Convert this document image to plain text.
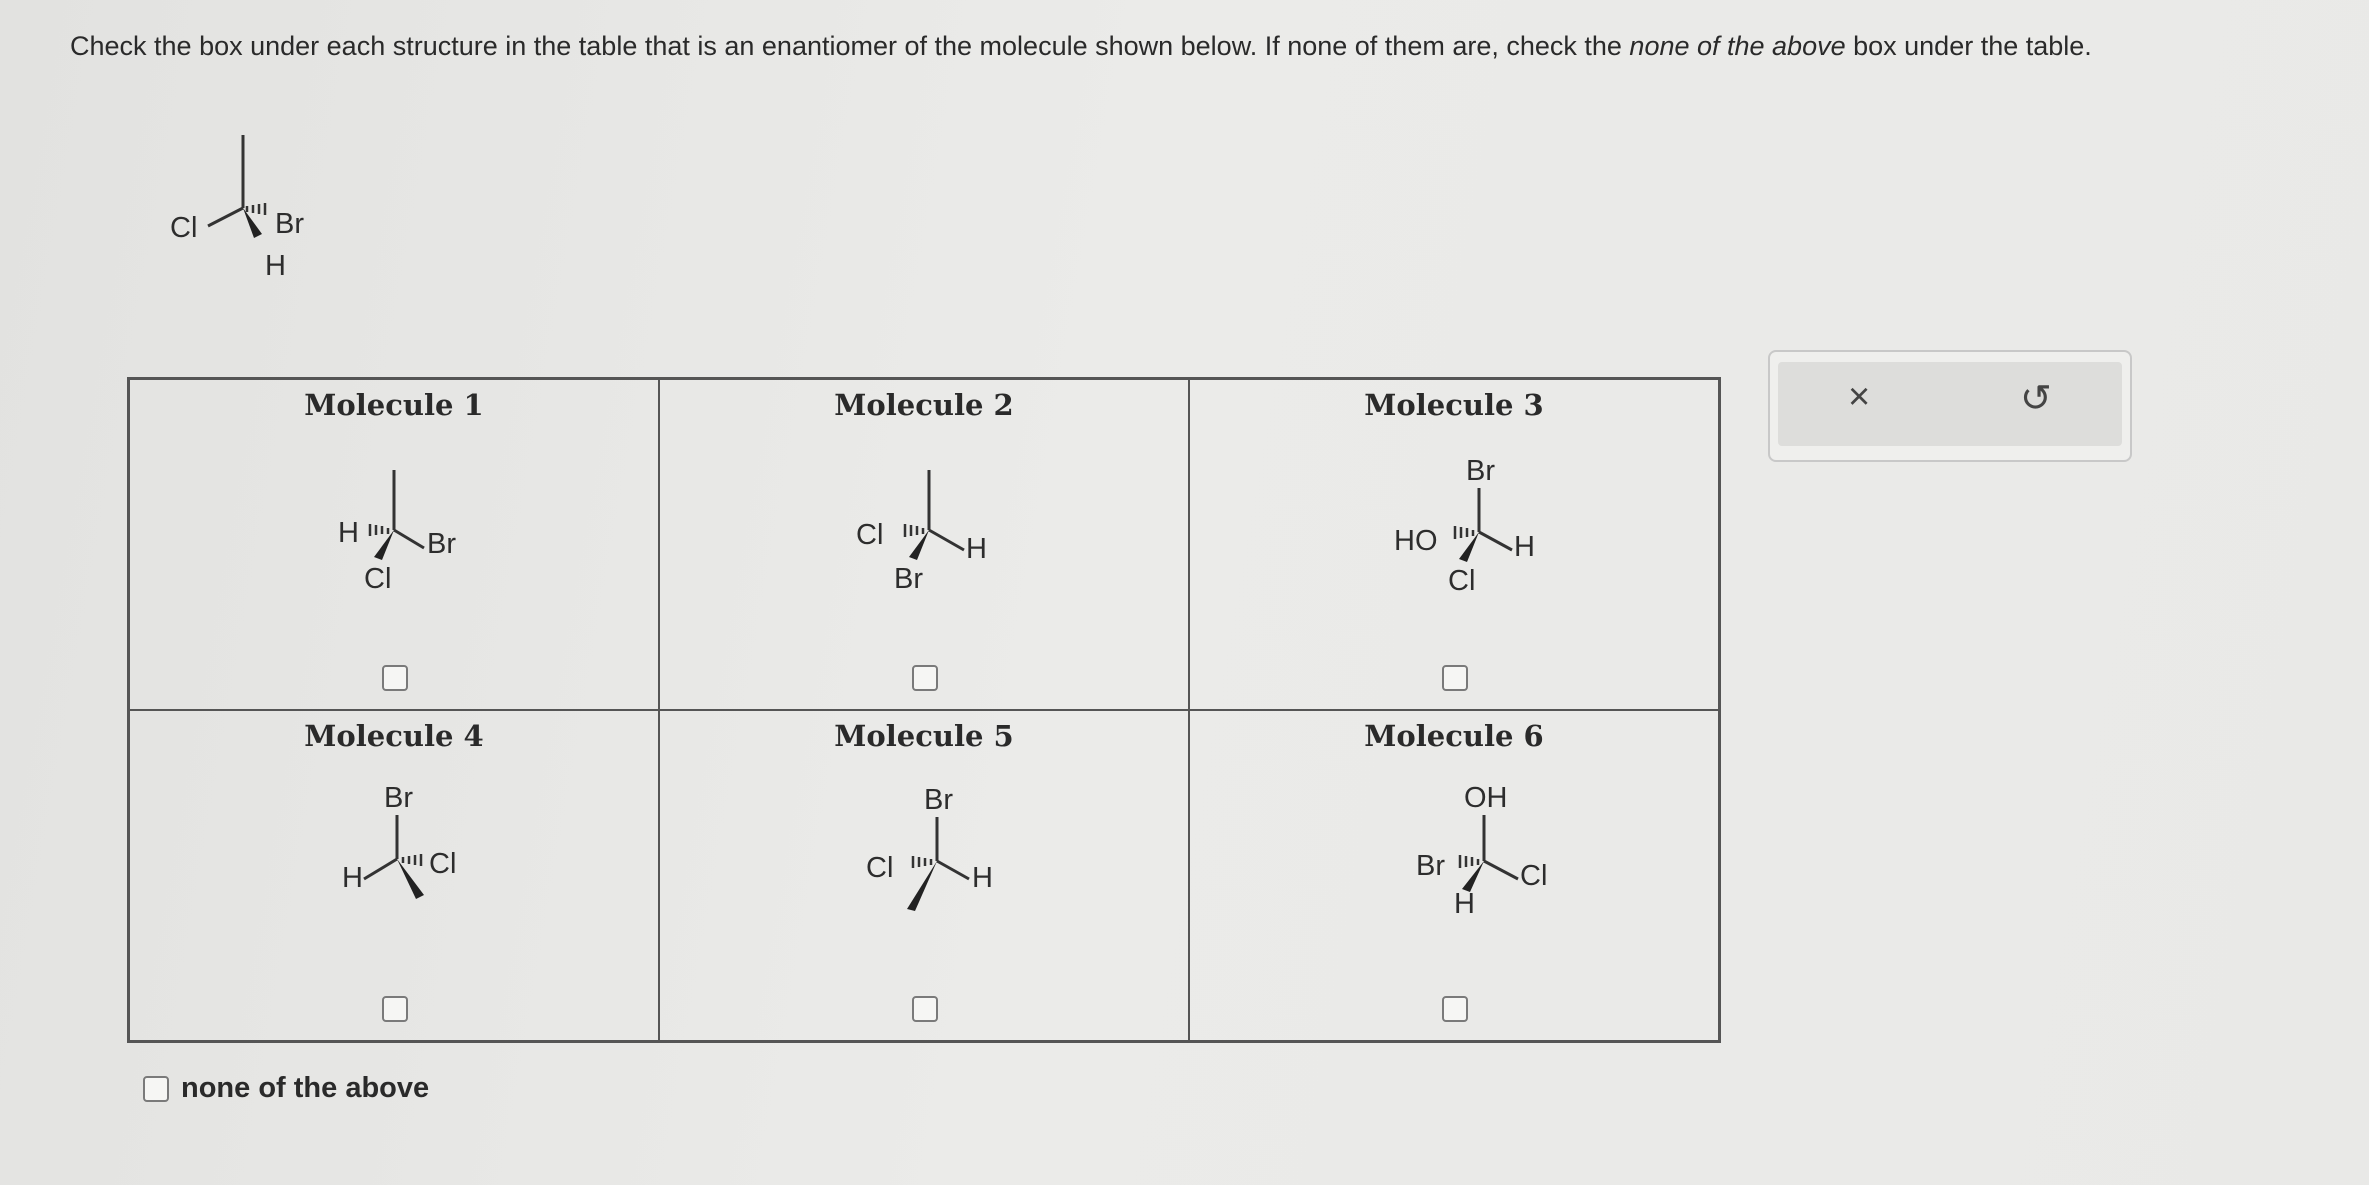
Check the box under each structure in the table that is an enantiomer of the molecule shown below. If none of them are, check the none of the above box under the table.
Cl	Br
H
Molecule 1
H Br
Cl
Molecule 2
Cl	H
Br
Molecule 3
Br
HO	H
Cl
Molecule 4
Br
H Cl
Molecule 5
Br
Cl	H
Molecule 6
OH
Br	Cl
H
none of the above
×	↺
